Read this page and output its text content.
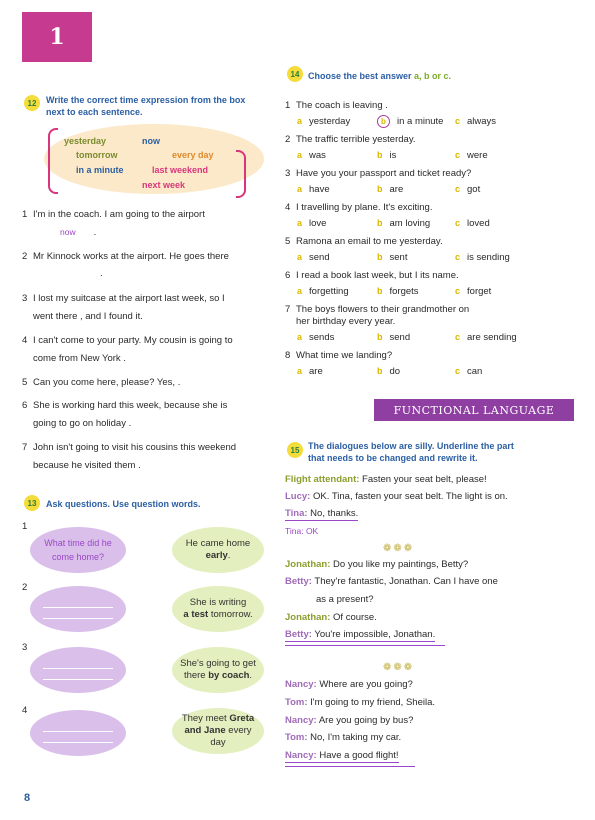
1
12	Write the correct time expression from the box
next to each sentence.
yesterday	now
tomorrow	every day
in a minute	last weekend
next week
1 I'm in the coach. I am going to the airport
now .
2 Mr Kinnock works at the airport. He goes there
.
3 I lost my suitcase at the airport last week, so I
went there , and I found it.
4 I can't come to your party. My cousin is going to
come from New York .
5 Can you come here, please? Yes, .
6 She is working hard this week, because she is
going to go on holiday .
7 John isn't going to visit his cousins this weekend
because he visited them .
13	Ask questions. Use question words.
1
What time did he come home?
He came home
early.
2
She is writing
a test tomorrow.
3
She's going to get there by coach.
4
They meet Greta and Jane every day
8
14 Choose the best answer a, b or c.
1 The coach is leaving .
a yesterday	b in a minute c always
2 The traffic terrible yesterday.
a was	b is	c were
3 Have you your passport and ticket ready?
a have	b are	c got
4 I travelling by plane. It's exciting.
a love	b am loving	c loved
5 Ramona an email to me yesterday.
a send	b sent	c is sending
6 I read a book last week, but I its name.
a forgetting	b forgets	c forget
7 The boys flowers to their grandmother on
her birthday every year.
a sends	b send	c are sending
8 What time we landing?
a are	b do	c can
FUNCTIONAL LANGUAGE
15 The dialogues below are silly. Underline the part
that needs to be changed and rewrite it.
Flight attendant: Fasten your seat belt, please!
Lucy: OK. Tina, fasten your seat belt. The light is on.
Tina: No, thanks.
Tina: OK
❁❁❁
Jonathan: Do you like my paintings, Betty?
Betty: They're fantastic, Jonathan. Can I have one
as a present?
Jonathan: Of course.
Betty: You're impossible, Jonathan.
❁❁❁
Nancy: Where are you going?
Tom: I'm going to my friend, Sheila.
Nancy: Are you going by bus?
Tom: No, I'm taking my car.
Nancy: Have a good flight!
